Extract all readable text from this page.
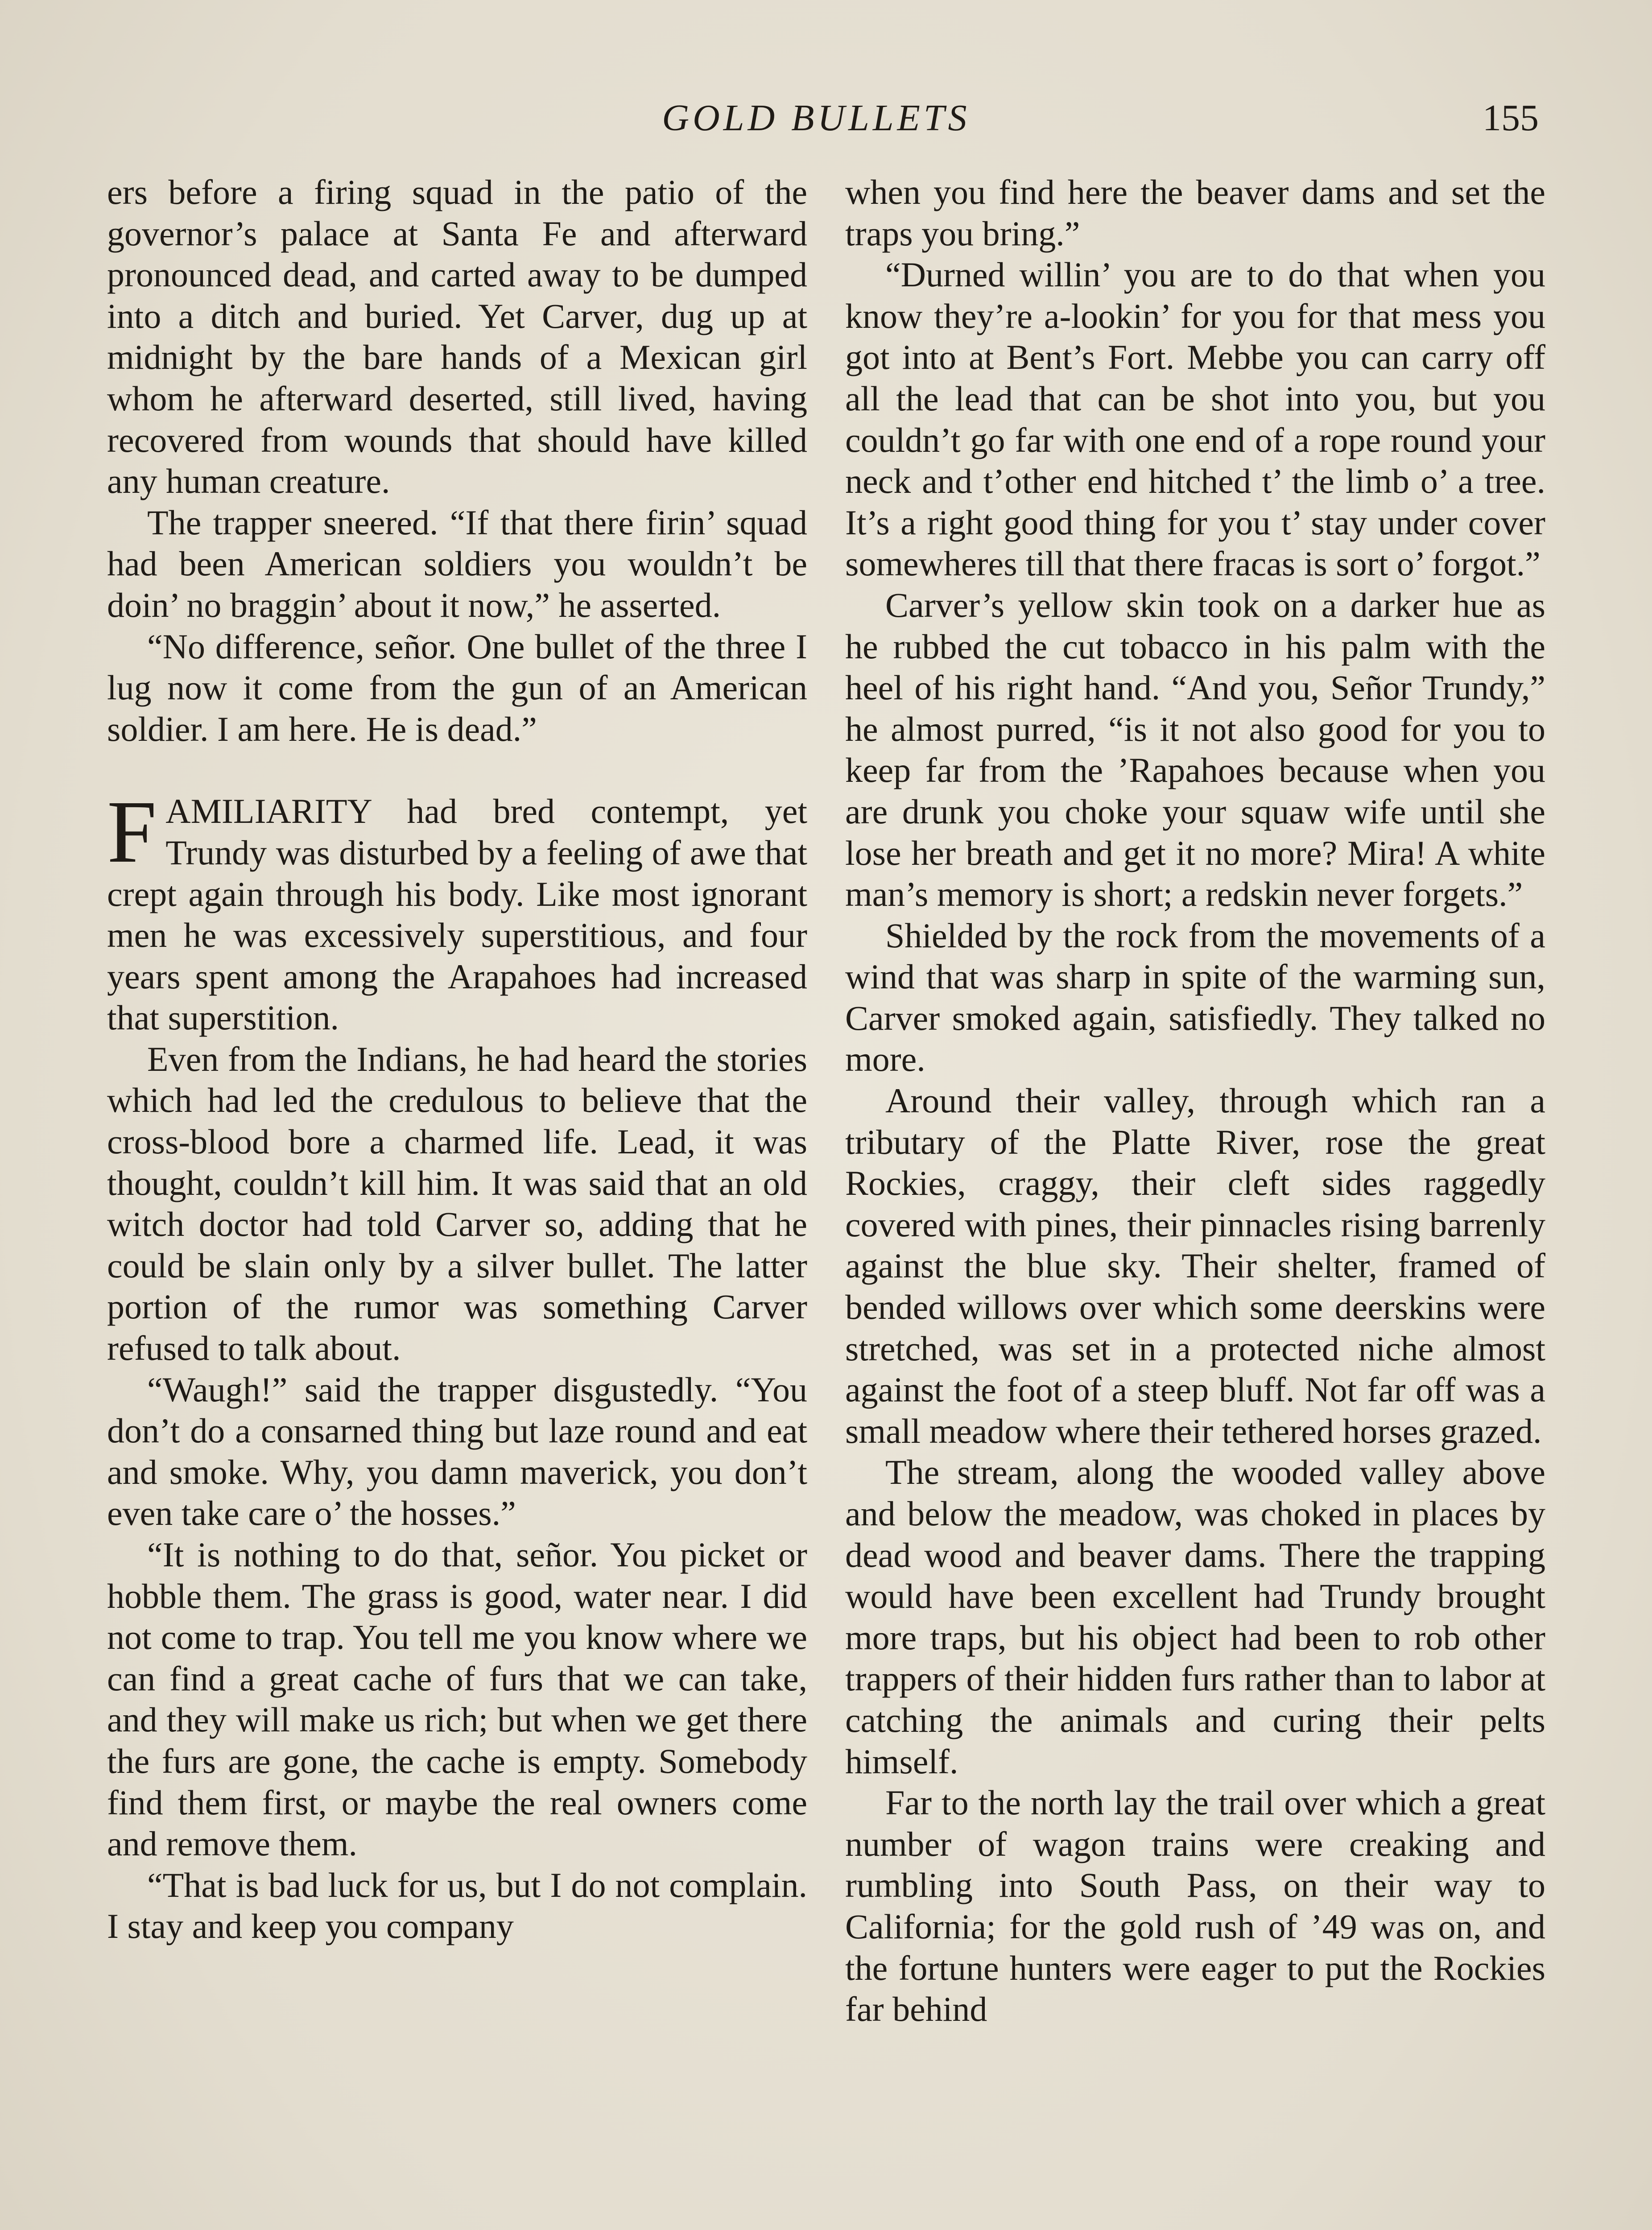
GOLD BULLETS	155

ers before a firing squad in the patio of the governor’s palace at Santa Fe and afterward pronounced dead, and carted away to be dumped into a ditch and buried. Yet Carver, dug up at midnight by the bare hands of a Mexican girl whom he afterward deserted, still lived, having recovered from wounds that should have killed any human creature.

The trapper sneered. “If that there firin’ squad had been American soldiers you wouldn’t be doin’ no braggin’ about it now,” he asserted.

“No difference, señor. One bullet of the three I lug now it come from the gun of an American soldier. I am here. He is dead.”

FAMILIARITY had bred contempt, yet Trundy was disturbed by a feeling of awe that crept again through his body. Like most ignorant men he was excessively superstitious, and four years spent among the Arapahoes had increased that superstition.

Even from the Indians, he had heard the stories which had led the credulous to believe that the cross-blood bore a charmed life. Lead, it was thought, couldn’t kill him. It was said that an old witch doctor had told Carver so, adding that he could be slain only by a silver bullet. The latter portion of the rumor was something Carver refused to talk about.

“Waugh!” said the trapper disgustedly. “You don’t do a consarned thing but laze round and eat and smoke. Why, you damn maverick, you don’t even take care o’ the hosses.”

“It is nothing to do that, señor. You picket or hobble them. The grass is good, water near. I did not come to trap. You tell me you know where we can find a great cache of furs that we can take, and they will make us rich; but when we get there the furs are gone, the cache is empty. Somebody find them first, or maybe the real owners come and remove them.

“That is bad luck for us, but I do not complain. I stay and keep you company

when you find here the beaver dams and set the traps you bring.”

“Durned willin’ you are to do that when you know they’re a-lookin’ for you for that mess you got into at Bent’s Fort. Mebbe you can carry off all the lead that can be shot into you, but you couldn’t go far with one end of a rope round your neck and t’other end hitched t’ the limb o’ a tree. It’s a right good thing for you t’ stay under cover somewheres till that there fracas is sort o’ forgot.”

Carver’s yellow skin took on a darker hue as he rubbed the cut tobacco in his palm with the heel of his right hand. “And you, Señor Trundy,” he almost purred, “is it not also good for you to keep far from the ’Rapahoes because when you are drunk you choke your squaw wife until she lose her breath and get it no more? Mira! A white man’s memory is short; a redskin never forgets.”

Shielded by the rock from the movements of a wind that was sharp in spite of the warming sun, Carver smoked again, satisfiedly. They talked no more.

Around their valley, through which ran a tributary of the Platte River, rose the great Rockies, craggy, their cleft sides raggedly covered with pines, their pinnacles rising barrenly against the blue sky. Their shelter, framed of bended willows over which some deerskins were stretched, was set in a protected niche almost against the foot of a steep bluff. Not far off was a small meadow where their tethered horses grazed.

The stream, along the wooded valley above and below the meadow, was choked in places by dead wood and beaver dams. There the trapping would have been excellent had Trundy brought more traps, but his object had been to rob other trappers of their hidden furs rather than to labor at catching the animals and curing their pelts himself.

Far to the north lay the trail over which a great number of wagon trains were creaking and rumbling into South Pass, on their way to California; for the gold rush of ’49 was on, and the fortune hunters were eager to put the Rockies far behind
